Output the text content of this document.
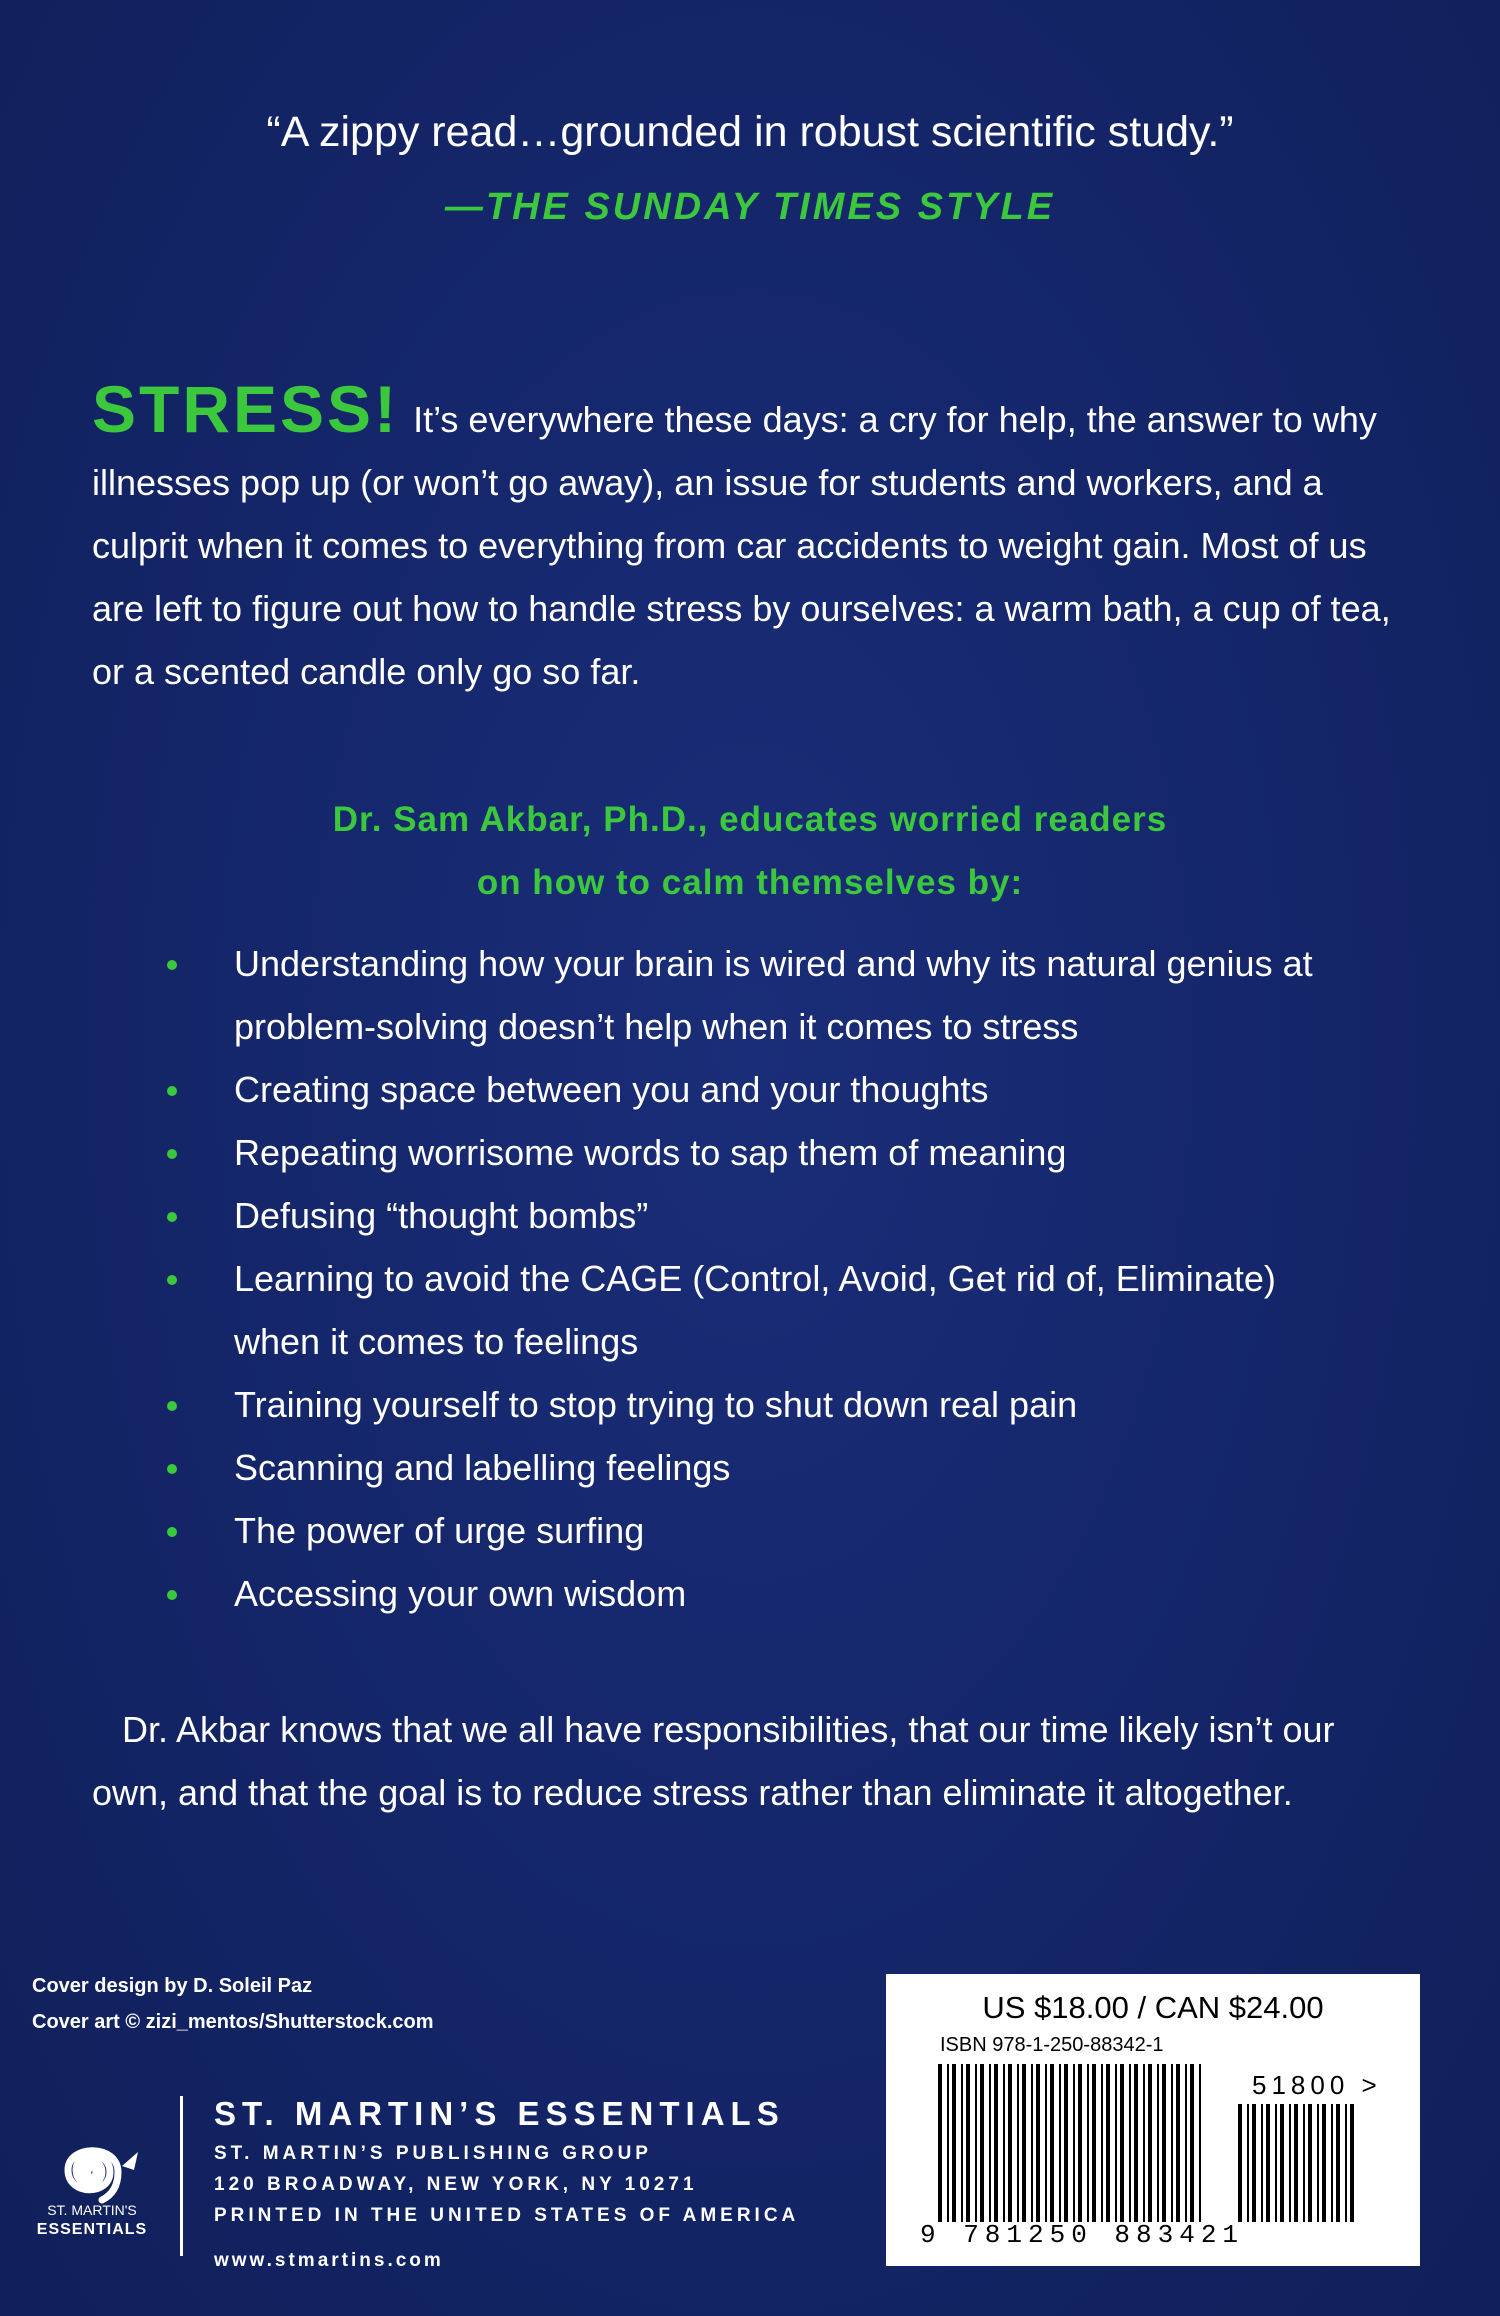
“A zippy read…grounded in robust scientific study.”
—THE SUNDAY TIMES STYLE
STRESS! It’s everywhere these days: a cry for help, the answer to why illnesses pop up (or won’t go away), an issue for students and workers, and a culprit when it comes to everything from car accidents to weight gain. Most of us are left to figure out how to handle stress by ourselves: a warm bath, a cup of tea, or a scented candle only go so far.
Dr. Sam Akbar, Ph.D., educates worried readers
on how to calm themselves by:
Understanding how your brain is wired and why its natural genius at problem-solving doesn’t help when it comes to stress
Creating space between you and your thoughts
Repeating worrisome words to sap them of meaning
Defusing “thought bombs”
Learning to avoid the CAGE (Control, Avoid, Get rid of, Eliminate) when it comes to feelings
Training yourself to stop trying to shut down real pain
Scanning and labelling feelings
The power of urge surfing
Accessing your own wisdom
Dr. Akbar knows that we all have responsibilities, that our time likely isn’t our own, and that the goal is to reduce stress rather than eliminate it altogether.
Cover design by D. Soleil Paz
Cover art © zizi_mentos/Shutterstock.com
ST. MARTIN'S
ESSENTIALS
ST. MARTIN’S ESSENTIALS
ST. MARTIN’S PUBLISHING GROUP
120 BROADWAY, NEW YORK, NY 10271
PRINTED IN THE UNITED STATES OF AMERICA
www.stmartins.com
US $18.00 / CAN $24.00
ISBN 978-1-250-88342-1
51800 >
9 781250 883421
